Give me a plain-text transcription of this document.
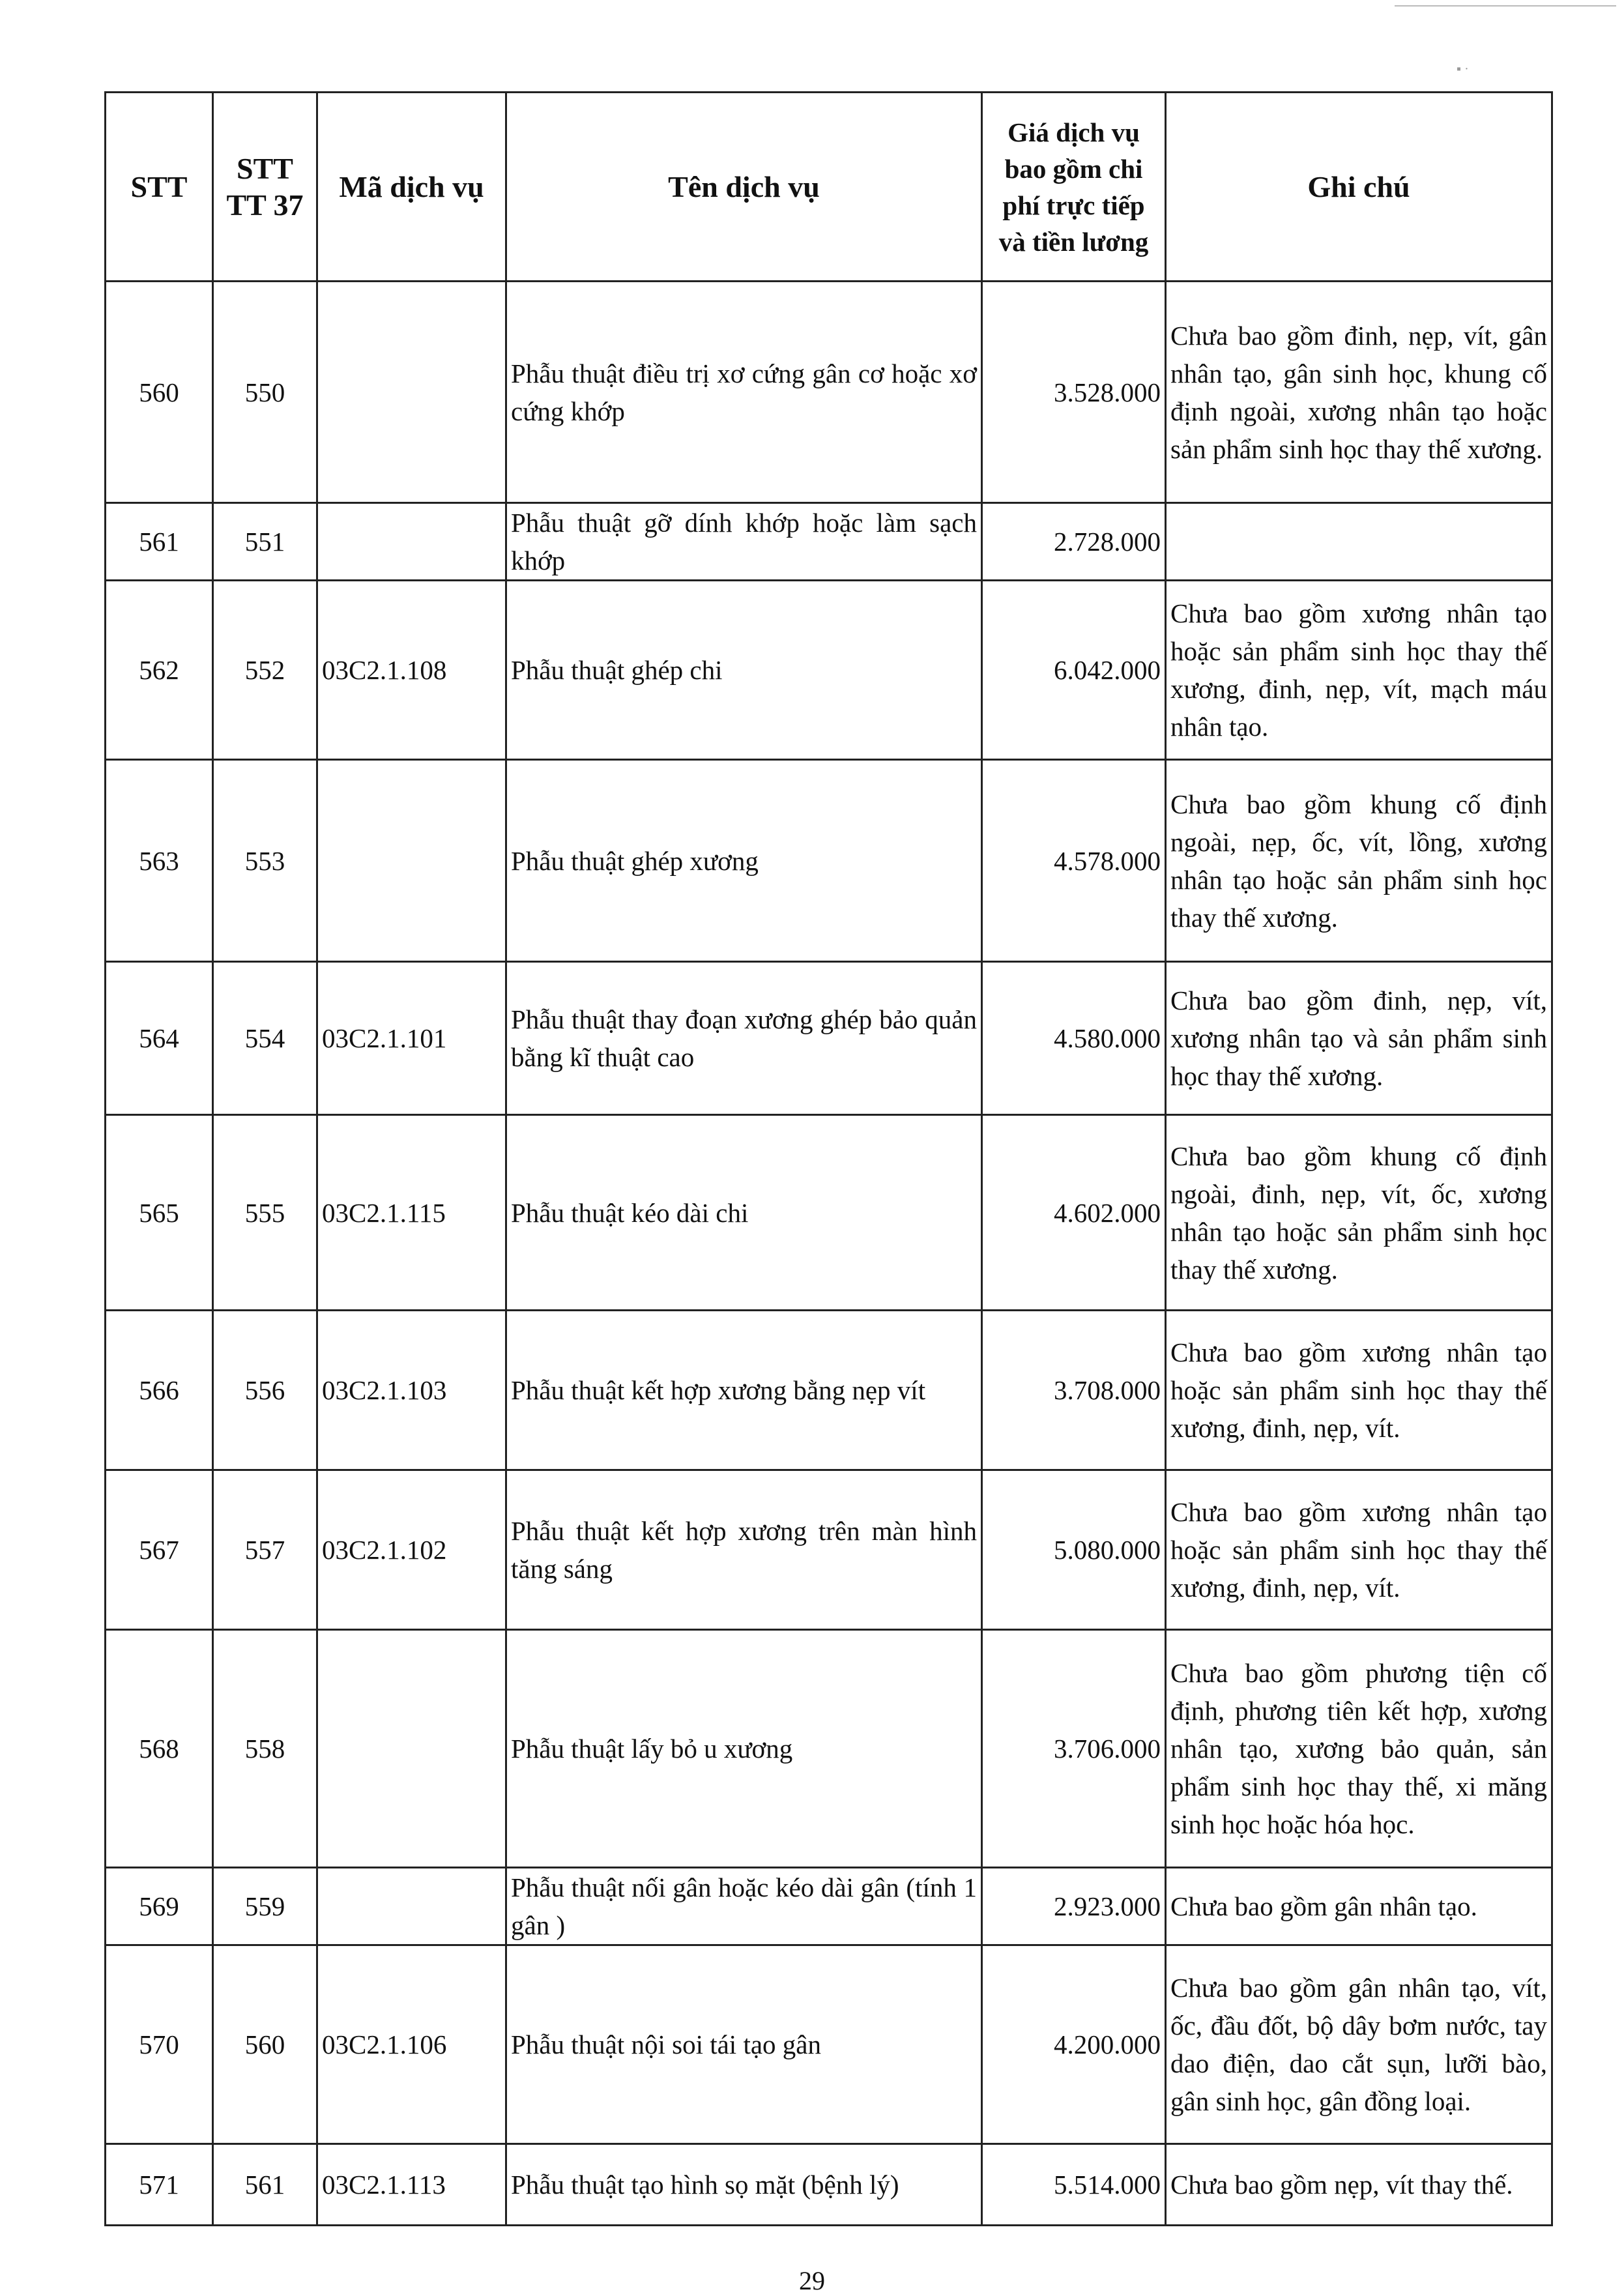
▪ ·
STT	STT TT 37	Mã dịch vụ	Tên dịch vụ	Giá dịch vụ bao gồm chi phí trực tiếp và tiền lương	Ghi chú
560	550		Phẫu thuật điều trị xơ cứng gân cơ hoặc xơ cứng khớp	3.528.000	Chưa bao gồm đinh, nẹp, vít, gân nhân tạo, gân sinh học, khung cố định ngoài, xương nhân tạo hoặc sản phẩm sinh học thay thế xương.
561	551		Phẫu thuật gỡ dính khớp hoặc làm sạch khớp	2.728.000	
562	552	03C2.1.108	Phẫu thuật ghép chi	6.042.000	Chưa bao gồm xương nhân tạo hoặc sản phẩm sinh học thay thế xương, đinh, nẹp, vít, mạch máu nhân tạo.
563	553		Phẫu thuật ghép xương	4.578.000	Chưa bao gồm khung cố định ngoài, nẹp, ốc, vít, lồng, xương nhân tạo hoặc sản phẩm sinh học thay thế xương.
564	554	03C2.1.101	Phẫu thuật thay đoạn xương ghép bảo quản bằng kĩ thuật cao	4.580.000	Chưa bao gồm đinh, nẹp, vít, xương nhân tạo và sản phẩm sinh học thay thế xương.
565	555	03C2.1.115	Phẫu thuật kéo dài chi	4.602.000	Chưa bao gồm khung cố định ngoài, đinh, nẹp, vít, ốc, xương nhân tạo hoặc sản phẩm sinh học thay thế xương.
566	556	03C2.1.103	Phẫu thuật kết hợp xương bằng nẹp vít	3.708.000	Chưa bao gồm xương nhân tạo hoặc sản phẩm sinh học thay thế xương, đinh, nẹp, vít.
567	557	03C2.1.102	Phẫu thuật kết hợp xương trên màn hình tăng sáng	5.080.000	Chưa bao gồm xương nhân tạo hoặc sản phẩm sinh học thay thế xương, đinh, nẹp, vít.
568	558		Phẫu thuật lấy bỏ u xương	3.706.000	Chưa bao gồm phương tiện cố định, phương tiên kết hợp, xương nhân tạo, xương bảo quản, sản phẩm sinh học thay thế, xi măng sinh học hoặc hóa học.
569	559		Phẫu thuật nối gân hoặc kéo dài gân (tính 1 gân )	2.923.000	Chưa bao gồm gân nhân tạo.
570	560	03C2.1.106	Phẫu thuật nội soi tái tạo gân	4.200.000	Chưa bao gồm gân nhân tạo, vít, ốc, đầu đốt, bộ dây bơm nước, tay dao điện, dao cắt sụn, lưỡi bào, gân sinh học, gân đồng loại.
571	561	03C2.1.113	Phẫu thuật tạo hình sọ mặt (bệnh lý)	5.514.000	Chưa bao gồm nẹp, vít thay thế.
29
